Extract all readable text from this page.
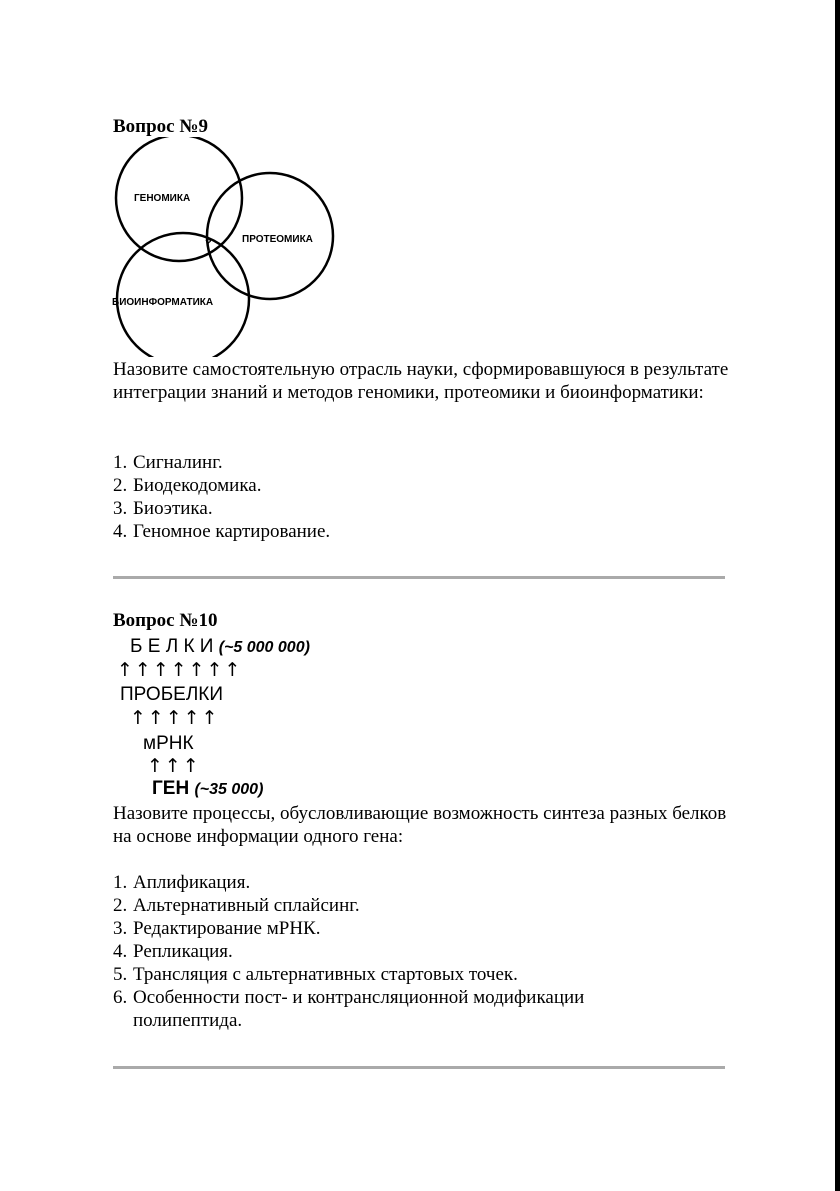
Вопрос №9
ГЕНОМИКА
ПРОТЕОМИКА
БИОИНФОРМАТИКА
?

Назовите самостоятельную отрасль науки, сформировавшуюся в результате интеграции знаний и методов геномики, протеомики и биоинформатики:

1. Сигналинг.
2. Биодекодомика.
3. Биоэтика.
4. Геномное картирование.
Вопрос №10
Б Е Л К И (~5 000 000)
↑↑↑↑↑↑↑
ПРОБЕЛКИ
↑↑↑↑↑
мРНК
↑↑↑
ГЕН (~35 000)

Назовите процессы, обусловливающие возможность синтеза разных белков на основе информации одного гена:

1. Аплификация.
2. Альтернативный сплайсинг.
3. Редактирование мРНК.
4. Репликация.
5. Трансляция с альтернативных стартовых точек.
6. Особенности пост- и контрансляционной модификации полипептида.
